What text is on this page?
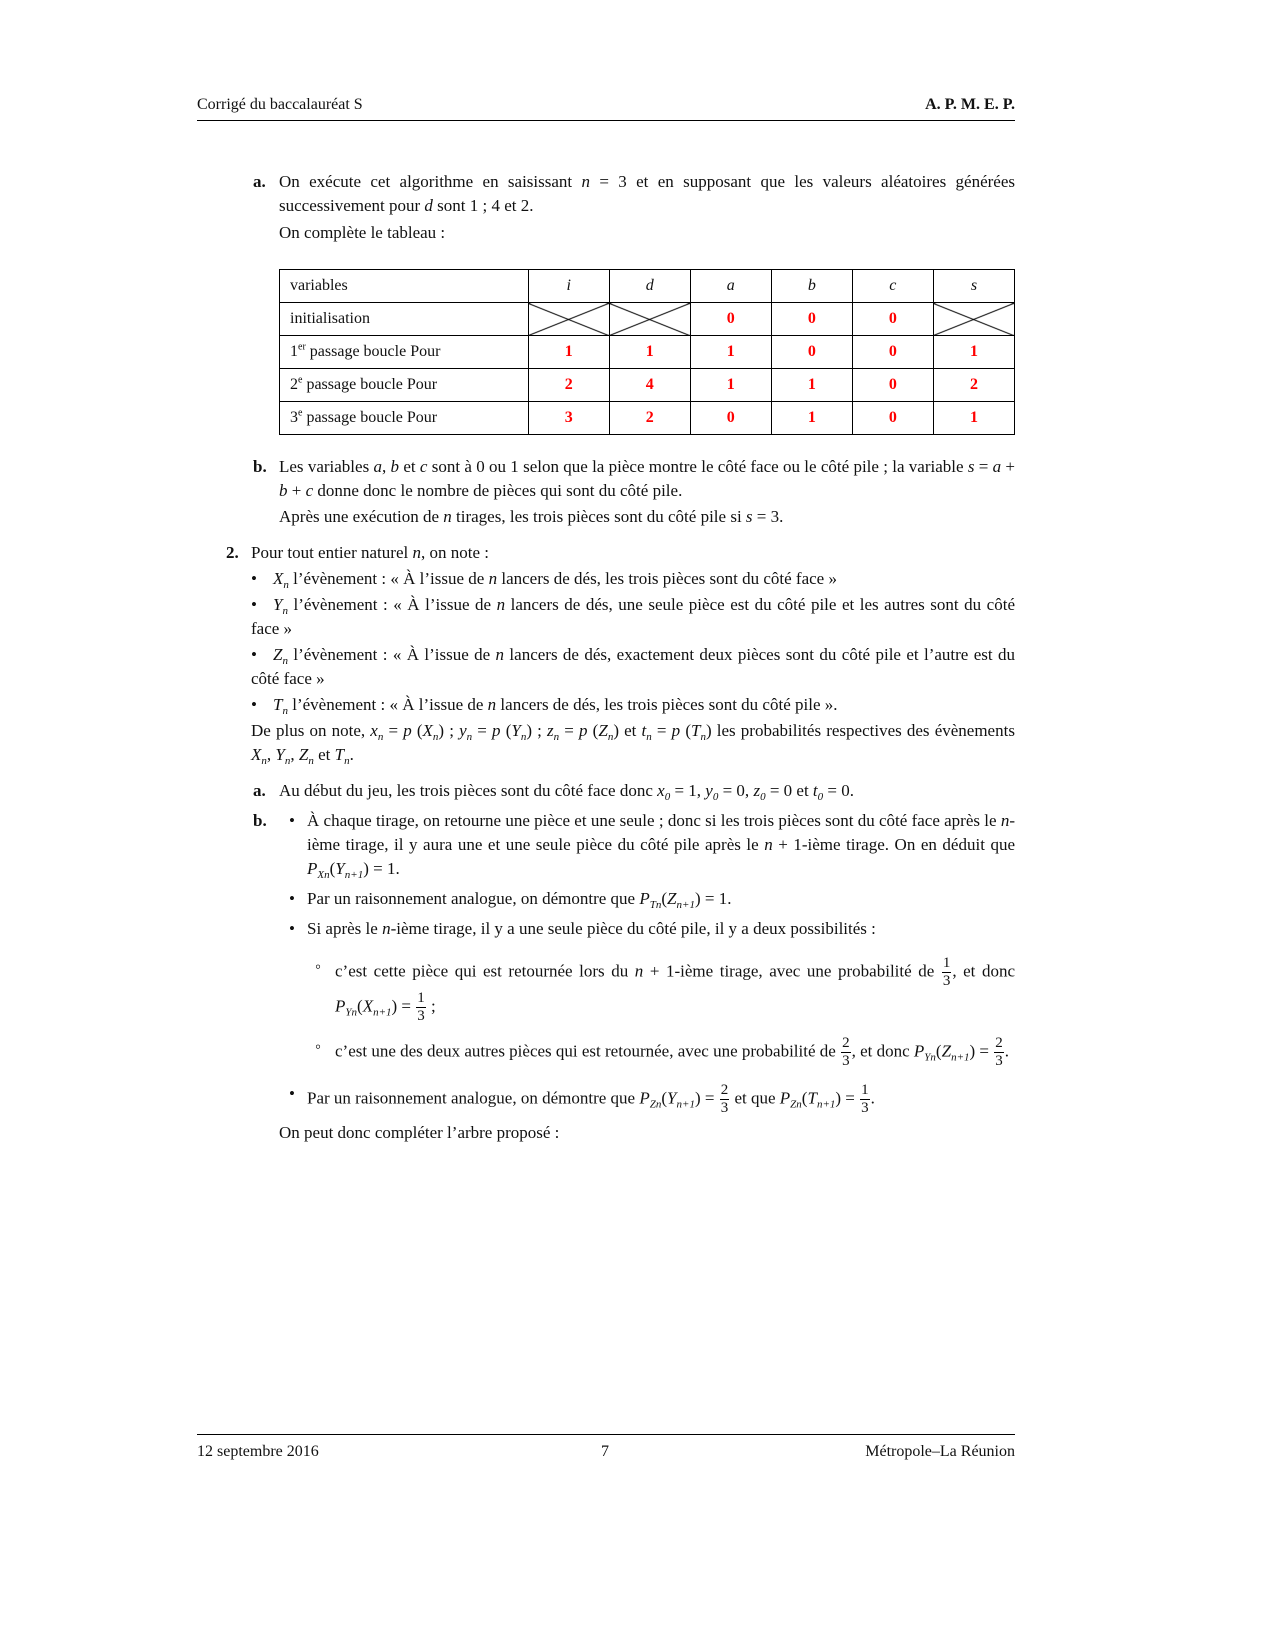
Corrigé du baccalauréat S	A. P. M. E. P.
a. On exécute cet algorithme en saisissant n = 3 et en supposant que les valeurs aléatoires générées successivement pour d sont 1 ; 4 et 2.
On complète le tableau :
variables	i	d	a	b	c	s
initialisation			0	0	0	
1er passage boucle Pour	1	1	1	0	0	1
2e passage boucle Pour	2	4	1	1	0	2
3e passage boucle Pour	3	2	0	1	0	1
b. Les variables a, b et c sont à 0 ou 1 selon que la pièce montre le côté face ou le côté pile ; la variable s = a + b + c donne donc le nombre de pièces qui sont du côté pile.
Après une exécution de n tirages, les trois pièces sont du côté pile si s = 3.
2. Pour tout entier naturel n, on note :
• $X_n$ l’évènement : « À l’issue de n lancers de dés, les trois pièces sont du côté face »
• $Y_n$ l’évènement : « À l’issue de n lancers de dés, une seule pièce est du côté pile et les autres sont du côté face »
• $Z_n$ l’évènement : « À l’issue de n lancers de dés, exactement deux pièces sont du côté pile et l’autre est du côté face »
• $T_n$ l’évènement : « À l’issue de n lancers de dés, les trois pièces sont du côté pile ».
De plus on note, $x_n = p$ $(X_n)$ ; $y_n = p$ $(Y_n)$ ; $z_n = p$ $(Z_n)$ et $t_n = p$ $(T_n)$ les probabilités respectives des évènements $X_n$, $Y_n$, $Z_n$ et $T_n$.
a. Au début du jeu, les trois pièces sont du côté face donc $x_0 = 1$, $y_0 = 0$, $z_0 = 0$ et $t_0 = 0$.
b.	• À chaque tirage, on retourne une pièce et une seule ; donc si les trois pièces sont du côté face après le n-ième tirage, il y aura une et une seule pièce du côté pile après le n + 1-ième tirage. On en déduit que $P_{Xn}(Y_{n+1}) = 1$.
• Par un raisonnement analogue, on démontre que $P_{Tn}(Z_{n+1}) = 1$.
• Si après le n-ième tirage, il y a une seule pièce du côté pile, il y a deux possibilités :
◦ c’est cette pièce qui est retournée lors du n + 1-ième tirage, avec une probabilité de $\frac{1}{3}$ , et donc $P_{Yn}(X_{n+1}) = \frac{1}{3}$ ;
◦ c’est une des deux autres pièces qui est retournée, avec une probabilité de $\frac{2}{3}$ , et donc $P_{Yn}(Z_{n+1}) = \frac{2}{3}$ .
• Par un raisonnement analogue, on démontre que $P_{Zn}(Y_{n+1}) = \frac{2}{3}$ et que $P_{Zn}(T_{n+1}) = \frac{1}{3}$ .
On peut donc compléter l’arbre proposé :
12 septembre 2016	7	Métropole–La Réunion
